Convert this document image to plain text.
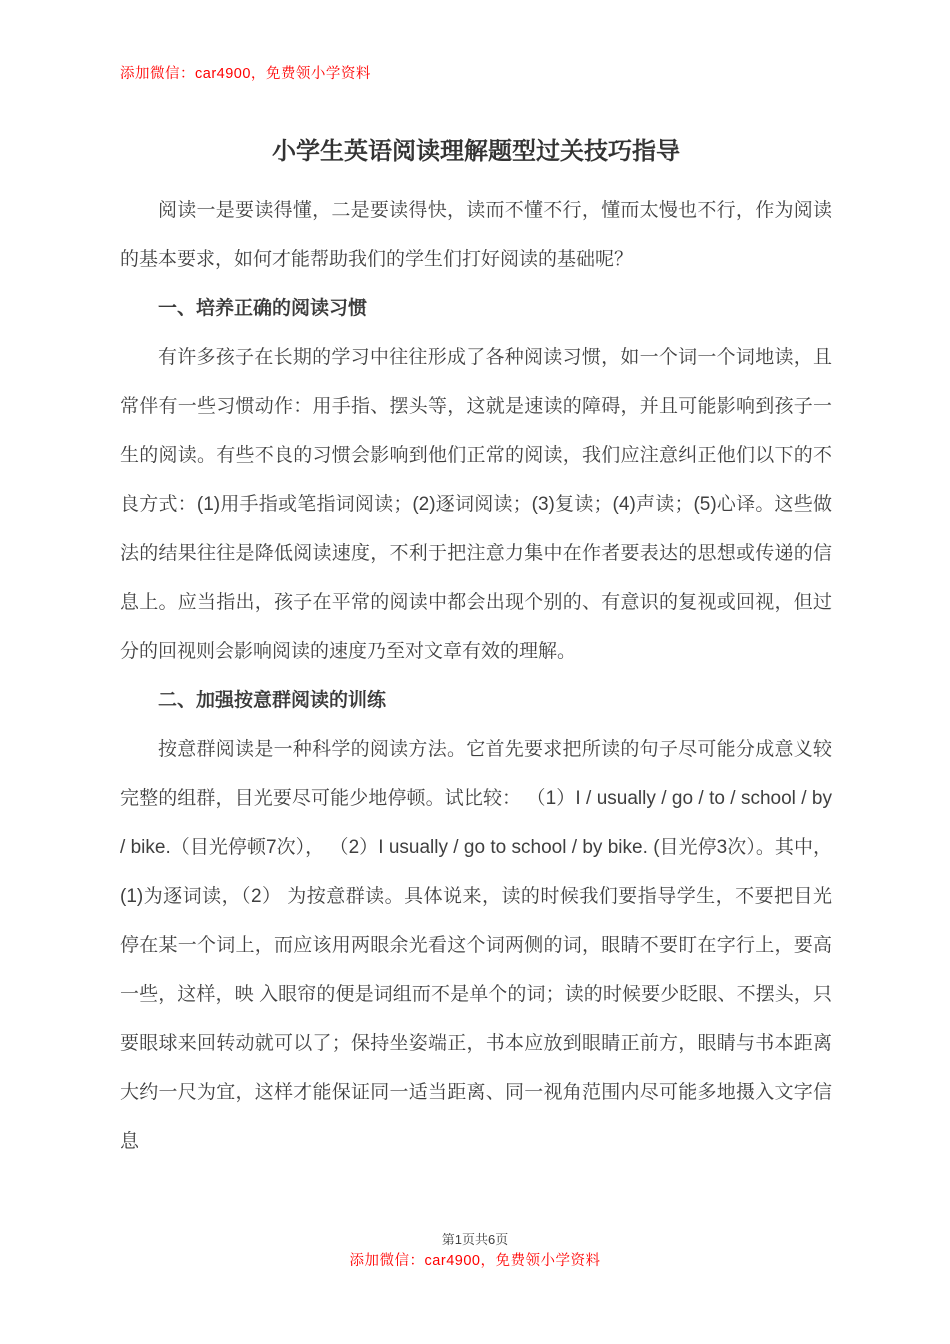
添加微信：car4900，免费领小学资料
小学生英语阅读理解题型过关技巧指导

阅读一是要读得懂，二是要读得快，读而不懂不行，懂而太慢也不行，作为阅读的基本要求，如何才能帮助我们的学生们打好阅读的基础呢？

一、培养正确的阅读习惯

有许多孩子在长期的学习中往往形成了各种阅读习惯，如一个词一个词地读，且常伴有一些习惯动作：用手指、摆头等，这就是速读的障碍，并且可能影响到孩子一生的阅读。有些不良的习惯会影响到他们正常的阅读，我们应注意纠正他们以下的不良方式：(1)用手指或笔指词阅读；(2)逐词阅读；(3)复读；(4)声读；(5)心译。这些做法的结果往往是降低阅读速度，不利于把注意力集中在作者要表达的思想或传递的信息上。应当指出，孩子在平常的阅读中都会出现个别的、有意识的复视或回视，但过分的回视则会影响阅读的速度乃至对文章有效的理解。

二、加强按意群阅读的训练

按意群阅读是一种科学的阅读方法。它首先要求把所读的句子尽可能分成意义较完整的组群，目光要尽可能少地停顿。试比较： （1）I / usually / go / to / school / by / bike.（目光停顿7次）， （2）I usually / go to school / by bike. (目光停3次）。其中，(1)为逐词读，（2） 为按意群读。具体说来，读的时候我们要指导学生，不要把目光停在某一个词上，而应该用两眼余光看这个词两侧的词，眼睛不要盯在字行上，要高一些，这样，映 入眼帘的便是词组而不是单个的词；读的时候要少眨眼、不摆头，只要眼球来回转动就可以了；保持坐姿端正，书本应放到眼睛正前方，眼睛与书本距离大约一尺为宜，这样才能保证同一适当距离、同一视角范围内尽可能多地摄入文字信息

第1页共6页
添加微信：car4900，免费领小学资料
